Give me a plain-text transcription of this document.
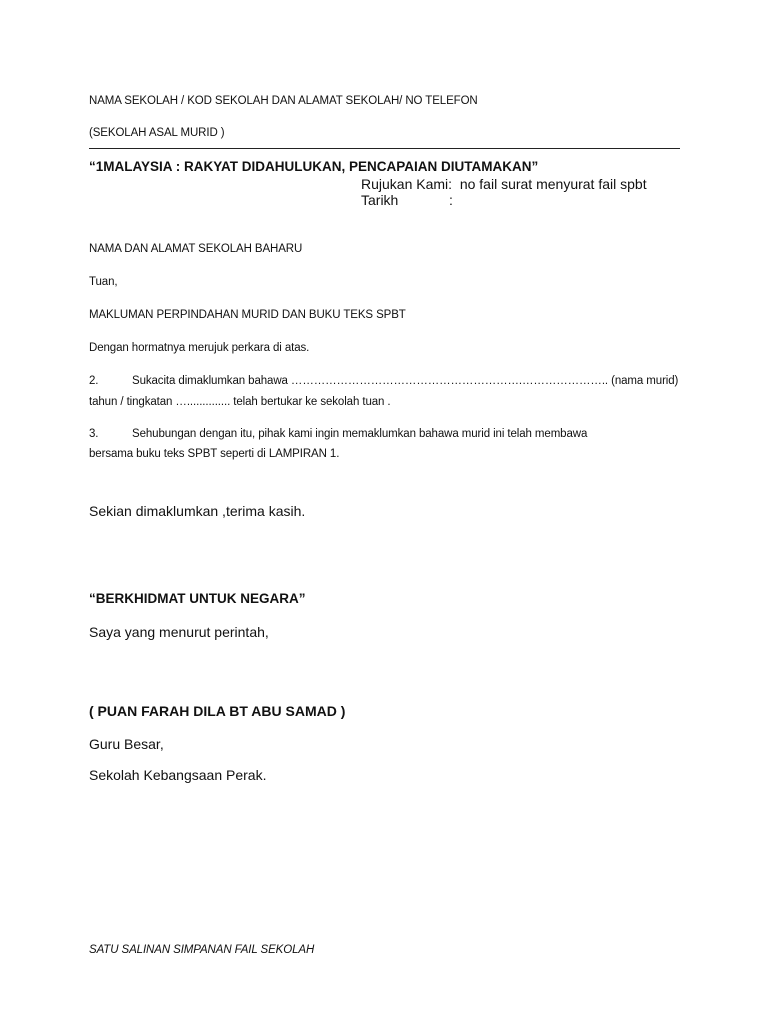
NAMA SEKOLAH / KOD SEKOLAH DAN ALAMAT SEKOLAH/ NO TELEFON
(SEKOLAH ASAL MURID )
“1MALAYSIA : RAKYAT DIDAHULUKAN, PENCAPAIAN DIUTAMAKAN”
Rujukan Kami: no fail surat menyurat fail spbt
Tarikh	:
NAMA DAN ALAMAT SEKOLAH BAHARU
Tuan,
MAKLUMAN PERPINDAHAN MURID DAN BUKU TEKS SPBT
Dengan hormatnya merujuk perkara di atas.
2.	Sukacita dimaklumkan bahawa …………………………………………………….………………….. (nama murid)
tahun / tingkatan ….............. telah bertukar ke sekolah tuan .
3.	Sehubungan dengan itu, pihak kami ingin memaklumkan bahawa murid ini telah membawa
bersama buku teks SPBT seperti di LAMPIRAN 1.
Sekian dimaklumkan ,terima kasih.
“BERKHIDMAT UNTUK NEGARA”
Saya yang menurut perintah,
( PUAN FARAH DILA BT ABU SAMAD )
Guru Besar,
Sekolah Kebangsaan Perak.
SATU SALINAN SIMPANAN FAIL SEKOLAH
